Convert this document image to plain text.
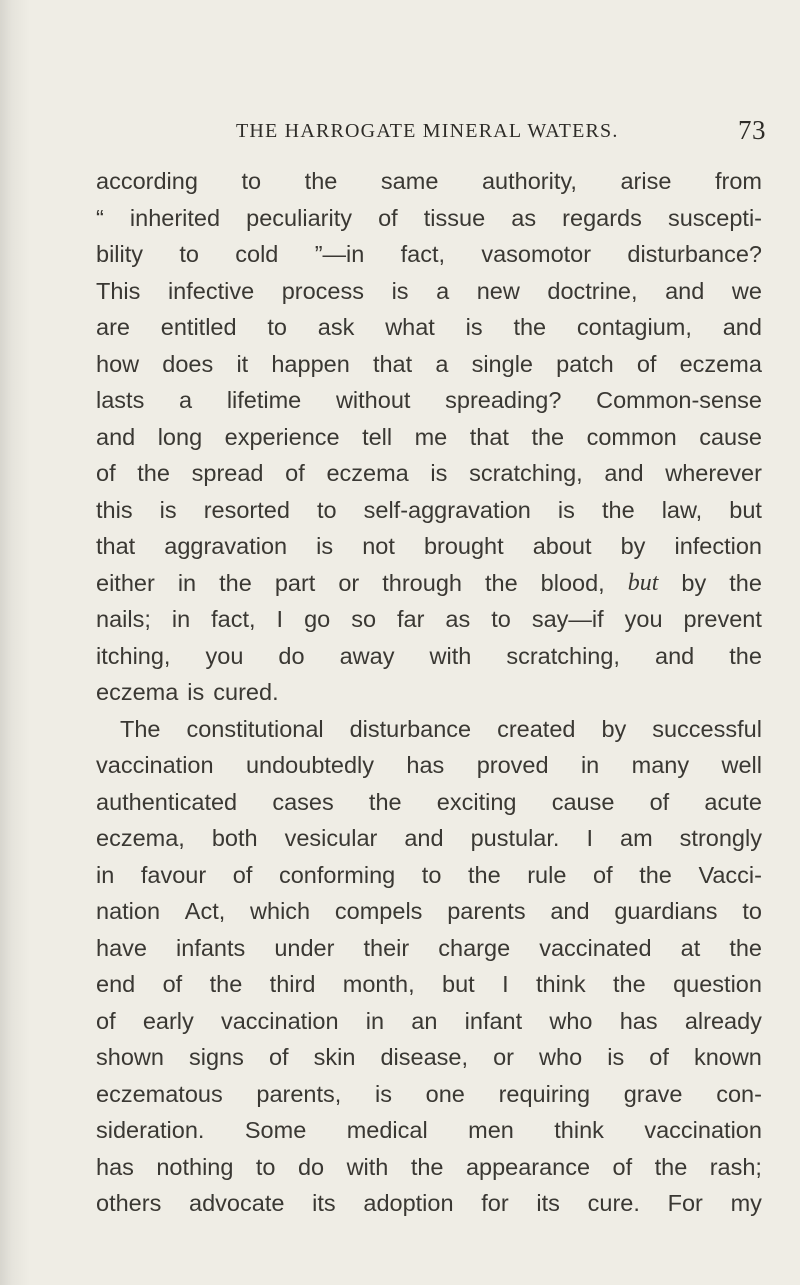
THE HARROGATE MINERAL WATERS.	73
according to the same authority, arise from
“ inherited peculiarity of tissue as regards suscepti-
bility to cold ”—in fact, vasomotor disturbance?
This infective process is a new doctrine, and we
are entitled to ask what is the contagium, and
how does it happen that a single patch of eczema
lasts a lifetime without spreading? Common-sense
and long experience tell me that the common cause
of the spread of eczema is scratching, and wherever
this is resorted to self-aggravation is the law, but
that aggravation is not brought about by infection
either in the part or through the blood, but by the
nails; in fact, I go so far as to say—if you prevent
itching, you do away with scratching, and the
eczema is cured.
The constitutional disturbance created by successful
vaccination undoubtedly has proved in many well
authenticated cases the exciting cause of acute
eczema, both vesicular and pustular. I am strongly
in favour of conforming to the rule of the Vacci-
nation Act, which compels parents and guardians to
have infants under their charge vaccinated at the
end of the third month, but I think the question
of early vaccination in an infant who has already
shown signs of skin disease, or who is of known
eczematous parents, is one requiring grave con-
sideration. Some medical men think vaccination
has nothing to do with the appearance of the rash;
others advocate its adoption for its cure. For my
